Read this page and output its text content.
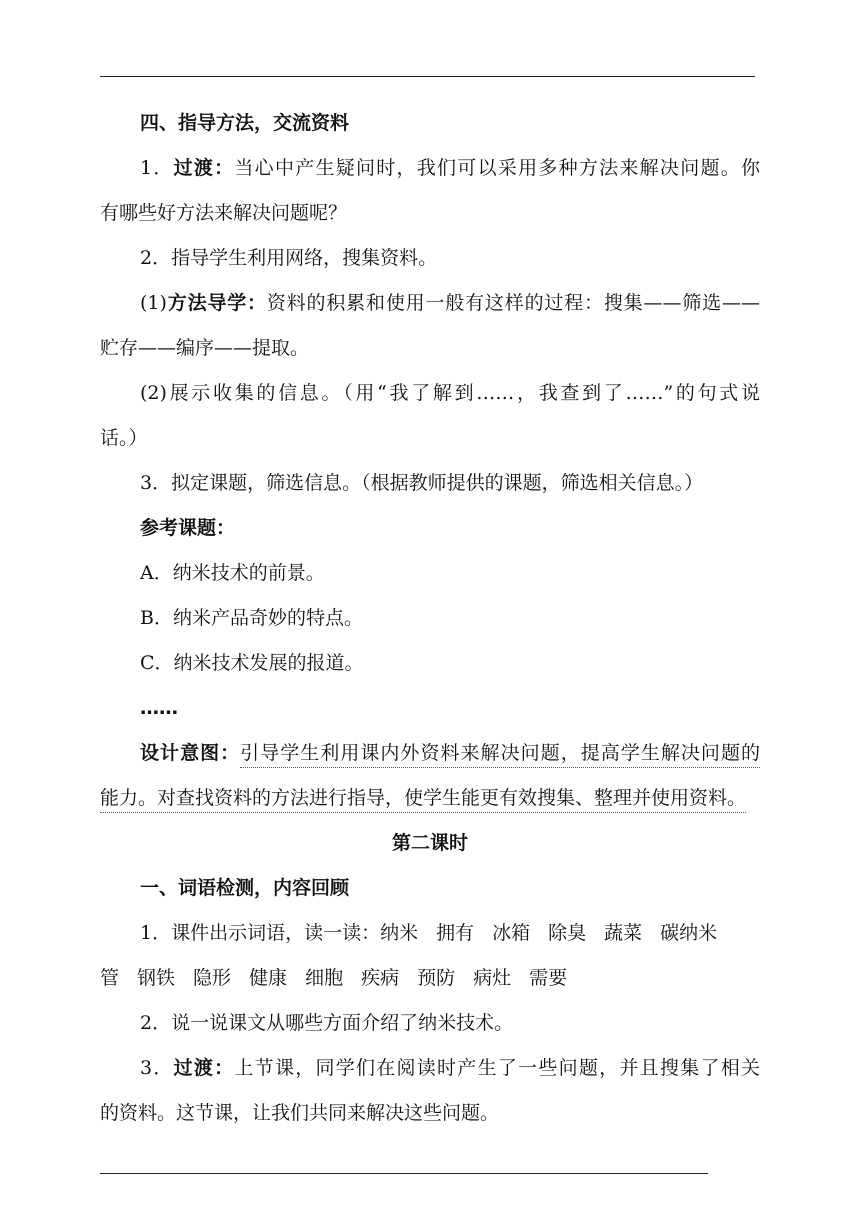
四、指导方法，交流资料
1．过渡：当心中产生疑问时，我们可以采用多种方法来解决问题。你
有哪些好方法来解决问题呢？
2．指导学生利用网络，搜集资料。
(1)方法导学：资料的积累和使用一般有这样的过程：搜集——筛选——
贮存——编序——提取。
(2)展示收集的信息。（用“我了解到……，我查到了……”的句式说
话。）
3．拟定课题，筛选信息。（根据教师提供的课题，筛选相关信息。）
参考课题：
A．纳米技术的前景。
B．纳米产品奇妙的特点。
C．纳米技术发展的报道。
……
设计意图：引导学生利用课内外资料来解决问题，提高学生解决问题的
能力。对查找资料的方法进行指导，使学生能更有效搜集、整理并使用资料。
第二课时
一、词语检测，内容回顾
1．课件出示词语，读一读：纳米 拥有 冰箱 除臭 蔬菜 碳纳米
管 钢铁 隐形 健康 细胞 疾病 预防 病灶 需要
2．说一说课文从哪些方面介绍了纳米技术。
3．过渡：上节课，同学们在阅读时产生了一些问题，并且搜集了相关
的资料。这节课，让我们共同来解决这些问题。
